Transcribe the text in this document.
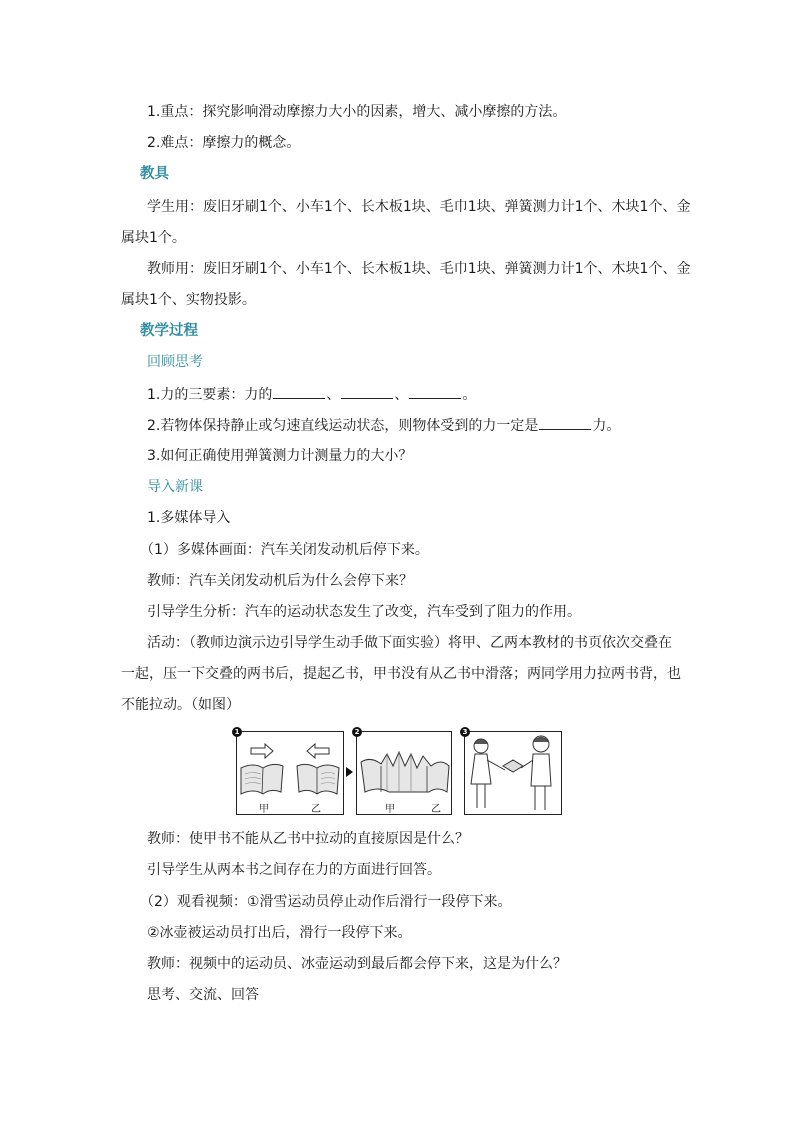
1.重点：探究影响滑动摩擦力大小的因素，增大、减小摩擦的方法。
2.难点：摩擦力的概念。
教具
学生用：废旧牙刷1个、小车1个、长木板1块、毛巾1块、弹簧测力计1个、木块1个、金
属块1个。
教师用：废旧牙刷1个、小车1个、长木板1块、毛巾1块、弹簧测力计1个、木块1个、金
属块1个、实物投影。
教学过程
回顾思考
1.力的三要素：力的	、	、	。
2.若物体保持静止或匀速直线运动状态，则物体受到的力一定是	力。
3.如何正确使用弹簧测力计测量力的大小？
导入新课
1.多媒体导入
（1）多媒体画面：汽车关闭发动机后停下来。
教师：汽车关闭发动机后为什么会停下来？
引导学生分析：汽车的运动状态发生了改变，汽车受到了阻力的作用。
活动：（教师边演示边引导学生动手做下面实验）将甲、乙两本教材的书页依次交叠在
一起，压一下交叠的两书后，提起乙书，甲书没有从乙书中滑落；两同学用力拉两书背，也
不能拉动。（如图）
甲	乙
1
甲	乙
2	3
教师：使甲书不能从乙书中拉动的直接原因是什么？
引导学生从两本书之间存在力的方面进行回答。
（2）观看视频：①滑雪运动员停止动作后滑行一段停下来。
②冰壶被运动员打出后，滑行一段停下来。
教师：视频中的运动员、冰壶运动到最后都会停下来，这是为什么？
思考、交流、回答
